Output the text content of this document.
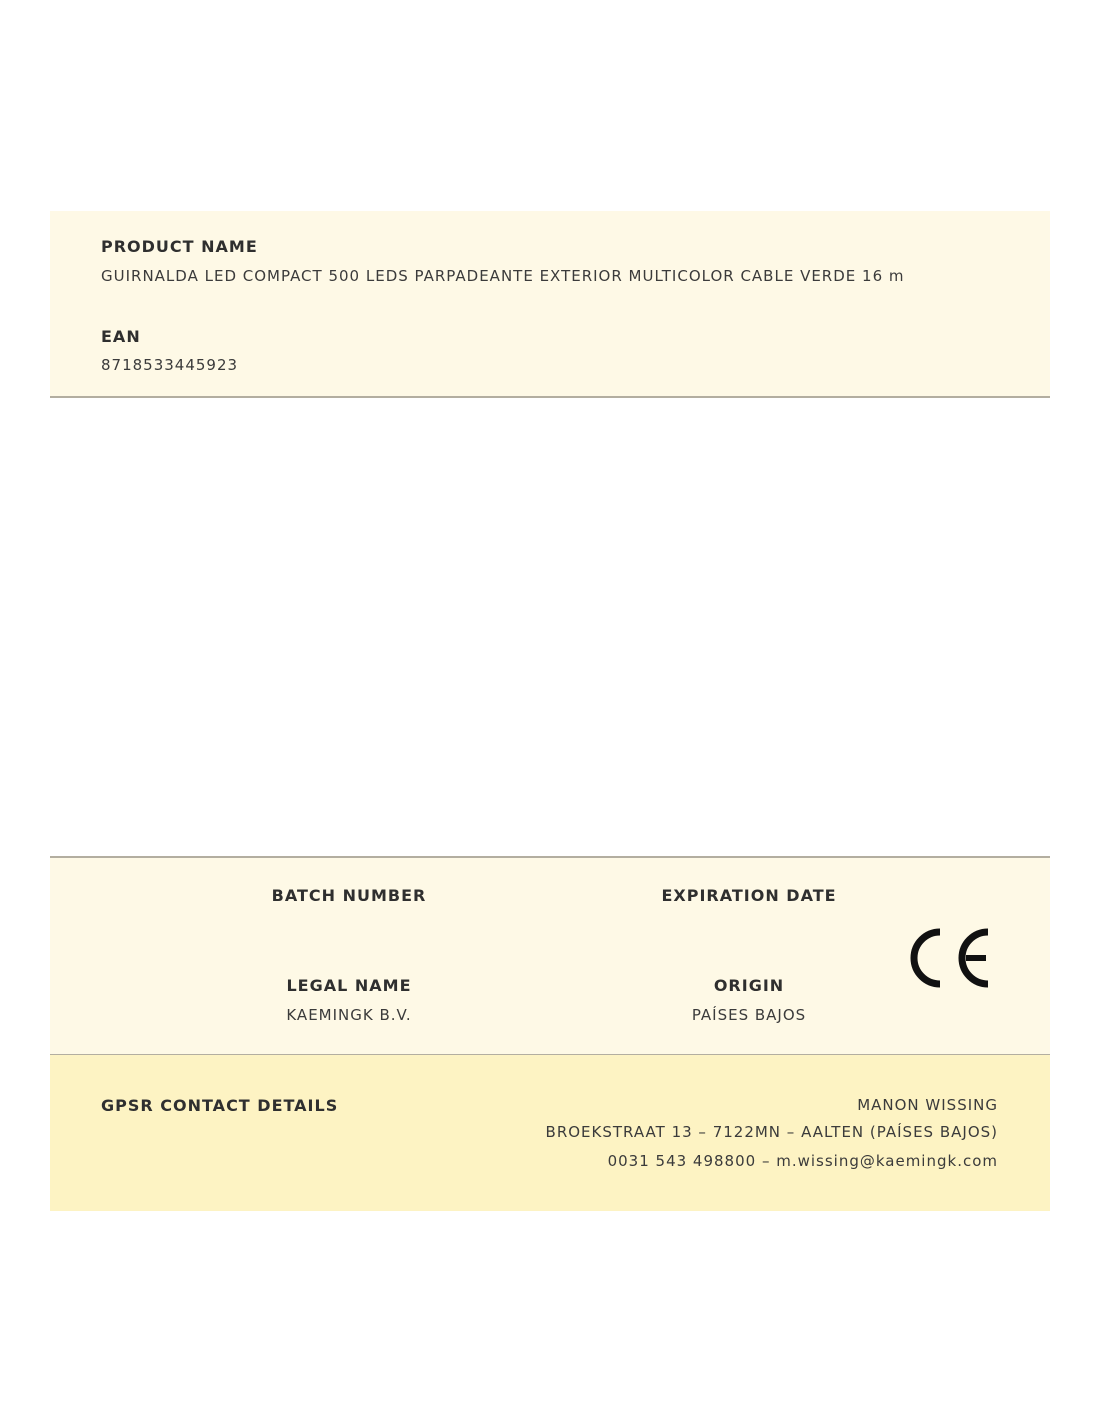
PRODUCT NAME
GUIRNALDA LED COMPACT 500 LEDS PARPADEANTE EXTERIOR MULTICOLOR CABLE VERDE 16 m
EAN
8718533445923
BATCH NUMBER	EXPIRATION DATE
LEGAL NAME
KAEMINGK B.V.
ORIGIN
PAÍSES BAJOS
GPSR CONTACT DETAILS	MANON WISSING
BROEKSTRAAT 13 – 7122MN – AALTEN (PAÍSES BAJOS)
0031 543 498800 – m.wissing@kaemingk.com
